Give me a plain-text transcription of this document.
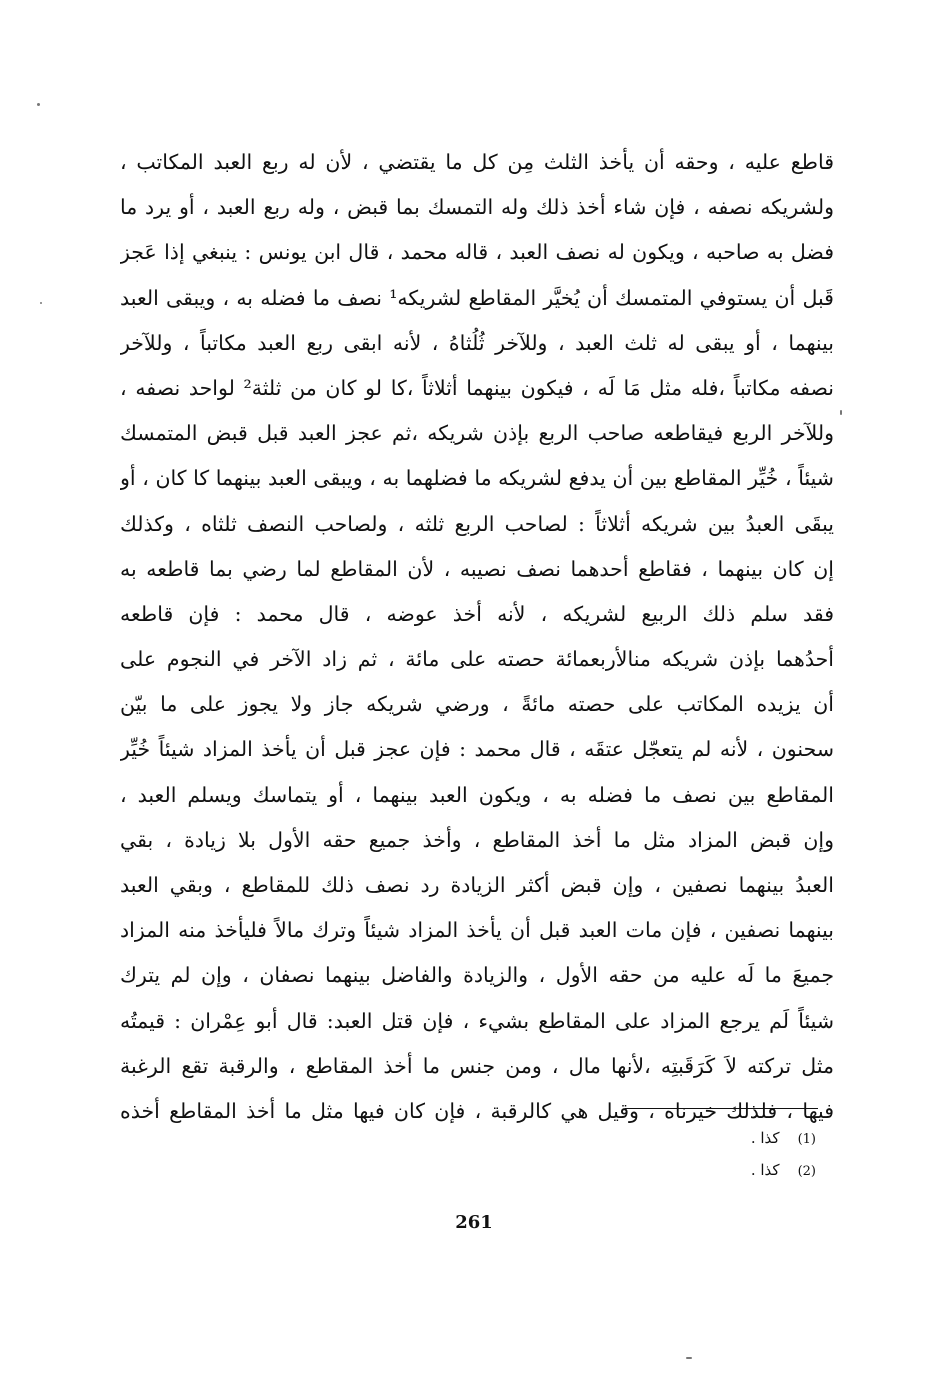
قاطع عليه ، وحقه أن يأخذ الثلث مِن كل ما يقتضي ، لأن له ربع العبد المكاتب ،
ولشريكه نصفه ، فإن شاء أخذ ذلك وله التمسك بما قبض ، وله ربع العبد ، أو يرد ما
فضل به صاحبه ، ويكون له نصف العبد ، قاله محمد ، قال ابن يونس : ينبغي إذا عَجز
قَبل أن يستوفي المتمسك أن يُخيَّر المقاطع لشريكه¹ نصف ما فضله به ، ويبقى العبد
بينهما ، أو يبقى له ثلث العبد ، وللآخر ثُلُثاهُ ، لأنه ابقى ربع العبد مكاتباً ، وللآخر
نصفه مكاتباً ،فله مثل مَا لَه ، فيكون بينهما أثلاثاً ،كا لو كان من ثلثة² لواحد نصفه ،
وللآخر الربع فيقاطعه صاحب الربع بإذن شريكه ،ثم عجز العبد قبل قبض المتمسك
شيئاً ، خُيِّر المقاطع بين أن يدفع لشريكه ما فضلهما به ، ويبقى العبد بينهما كا كان ، أو
يبقَى العبدُ بين شريكه أثلاثاً : لصاحب الربع ثلثه ، ولصاحب النصف ثلثاه ، وكذلك
إن كان بينهما ، فقاطع أحدهما نصف نصيبه ، لأن المقاطع لما رضي بما قاطعه به
فقد سلم ذلك الربيع لشريكه ، لأنه أخذ عوضه ، قال محمد : فإن قاطعه
أحدُهما بإذن شريكه منالأربعمائة حصته على مائة ، ثم زاد الآخر في النجوم على
أن يزيده المكاتب على حصته مائةً ، ورضي شريكه جاز ولا يجوز على ما بيّن
سحنون ، لأنه لم يتعجّل عتقَه ، قال محمد : فإن عجز قبل أن يأخذ المزاد شيئاً خُيِّر
المقاطع بين نصف ما فضله به ، ويكون العبد بينهما ، أو يتماسك ويسلم العبد ،
وإن قبض المزاد مثل ما أخذ المقاطع ، وأخذ جميع حقه الأول بلا زيادة ، بقي
العبدُ بينهما نصفين ، وإن قبض أكثر الزيادة رد نصف ذلك للمقاطع ، وبقي العبد
بينهما نصفين ، فإن مات العبد قبل أن يأخذ المزاد شيئاً وترك مالاً فليأخذ منه المزاد
جميعَ ما لَه عليه من حقه الأول ، والزيادة والفاضل بينهما نصفان ، وإن لم يترك
شيئاً لَم يرجع المزاد على المقاطع بشيء ، فإن قتل العبد: قال أبو عِمْران : قيمتُه
مثل تركته لاَ كَرَقَبتِه ،لأنها مال ، ومن جنس ما أخذ المقاطع ، والرقبة تقع الرغبة
فيها ، فلذلك خيرناه ، وقيل هي كالرقبة ، فإن كان فيها مثل ما أخذ المقاطع أخذه
(1)كذا .
(2)كذا .
261
